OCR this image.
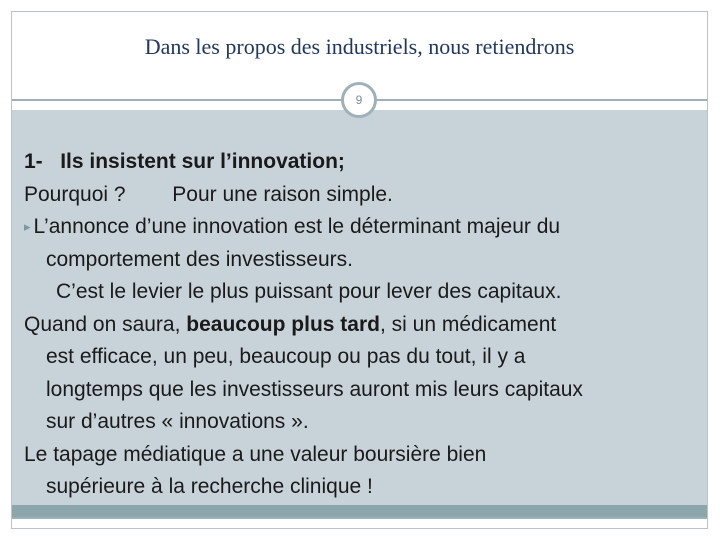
Dans les propos des industriels, nous retiendrons
9
1- Ils insistent sur l’innovation;
Pourquoi ? Pour une raison simple.
▸ L’annonce d’une innovation est le déterminant majeur du
comportement des investisseurs.
C’est le levier le plus puissant pour lever des capitaux.
Quand on saura, beaucoup plus tard, si un médicament
est efficace, un peu, beaucoup ou pas du tout, il y a
longtemps que les investisseurs auront mis leurs capitaux
sur d’autres « innovations ».
Le tapage médiatique a une valeur boursière bien
supérieure à la recherche clinique !
